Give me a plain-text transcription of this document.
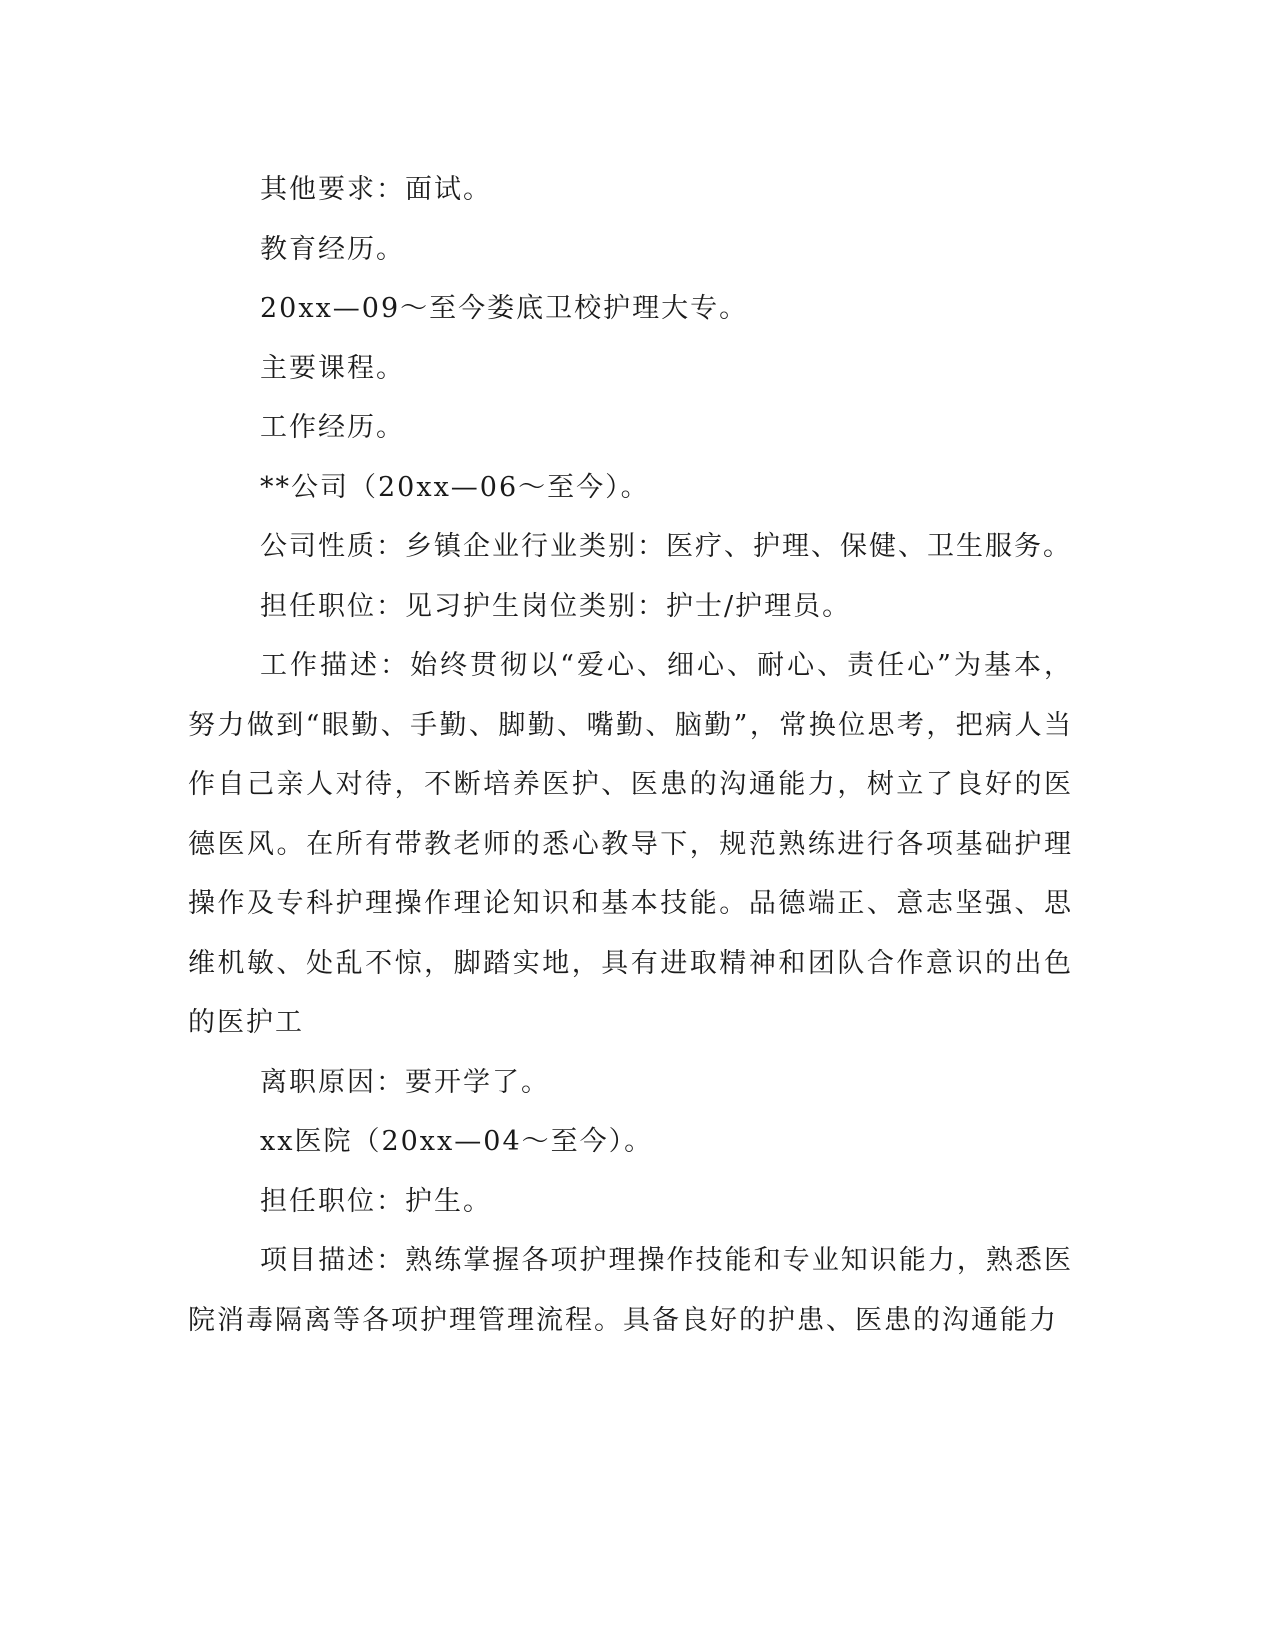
其他要求：面试。

教育经历。

20xx—09～至今娄底卫校护理大专。

主要课程。

工作经历。

**公司（20xx—06～至今）。

公司性质：乡镇企业行业类别：医疗、护理、保健、卫生服务。

担任职位：见习护生岗位类别：护士/护理员。

工作描述：始终贯彻以“爱心、细心、耐心、责任心”为基本，努力做到“眼勤、手勤、脚勤、嘴勤、脑勤”，常换位思考，把病人当作自己亲人对待，不断培养医护、医患的沟通能力，树立了良好的医德医风。在所有带教老师的悉心教导下，规范熟练进行各项基础护理操作及专科护理操作理论知识和基本技能。品德端正、意志坚强、思维机敏、处乱不惊，脚踏实地，具有进取精神和团队合作意识的出色的医护工

离职原因：要开学了。

xx医院（20xx—04～至今）。

担任职位：护生。

项目描述：熟练掌握各项护理操作技能和专业知识能力，熟悉医院消毒隔离等各项护理管理流程。具备良好的护患、医患的沟通能力
